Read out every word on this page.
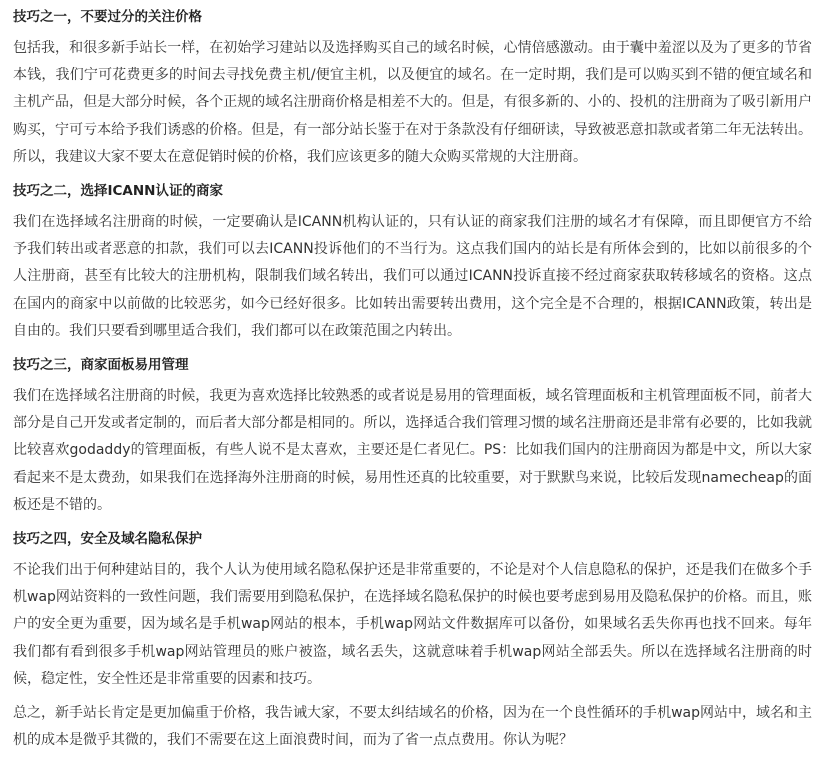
技巧之一，不要过分的关注价格

包括我，和很多新手站长一样，在初始学习建站以及选择购买自己的域名时候，心情倍感激动。由于囊中羞涩以及为了更多的节省本钱，我们宁可花费更多的时间去寻找免费主机/便宜主机，以及便宜的域名。在一定时期，我们是可以购买到不错的便宜域名和主机产品，但是大部分时候，各个正规的域名注册商价格是相差不大的。但是，有很多新的、小的、投机的注册商为了吸引新用户购买，宁可亏本给予我们诱惑的价格。但是，有一部分站长鉴于在对于条款没有仔细研读，导致被恶意扣款或者第二年无法转出。所以，我建议大家不要太在意促销时候的价格，我们应该更多的随大众购买常规的大注册商。

技巧之二，选择ICANN认证的商家

我们在选择域名注册商的时候，一定要确认是ICANN机构认证的，只有认证的商家我们注册的域名才有保障，而且即便官方不给予我们转出或者恶意的扣款，我们可以去ICANN投诉他们的不当行为。这点我们国内的站长是有所体会到的，比如以前很多的个人注册商，甚至有比较大的注册机构，限制我们域名转出，我们可以通过ICANN投诉直接不经过商家获取转移域名的资格。这点在国内的商家中以前做的比较恶劣，如今已经好很多。比如转出需要转出费用，这个完全是不合理的，根据ICANN政策，转出是自由的。我们只要看到哪里适合我们，我们都可以在政策范围之内转出。

技巧之三，商家面板易用管理

我们在选择域名注册商的时候，我更为喜欢选择比较熟悉的或者说是易用的管理面板，域名管理面板和主机管理面板不同，前者大部分是自己开发或者定制的，而后者大部分都是相同的。所以，选择适合我们管理习惯的域名注册商还是非常有必要的，比如我就比较喜欢godaddy的管理面板，有些人说不是太喜欢，主要还是仁者见仁。PS：比如我们国内的注册商因为都是中文，所以大家看起来不是太费劲，如果我们在选择海外注册商的时候，易用性还真的比较重要，对于默默鸟来说，比较后发现namecheap的面板还是不错的。

技巧之四，安全及域名隐私保护

不论我们出于何种建站目的，我个人认为使用域名隐私保护还是非常重要的，不论是对个人信息隐私的保护，还是我们在做多个手机wap网站资料的一致性问题，我们需要用到隐私保护，在选择域名隐私保护的时候也要考虑到易用及隐私保护的价格。而且，账户的安全更为重要，因为域名是手机wap网站的根本，手机wap网站文件数据库可以备份，如果域名丢失你再也找不回来。每年我们都有看到很多手机wap网站管理员的账户被盗，域名丢失，这就意味着手机wap网站全部丢失。所以在选择域名注册商的时候，稳定性，安全性还是非常重要的因素和技巧。

总之，新手站长肯定是更加偏重于价格，我告诫大家，不要太纠结域名的价格，因为在一个良性循环的手机wap网站中，域名和主机的成本是微乎其微的，我们不需要在这上面浪费时间，而为了省一点点费用。你认为呢？
